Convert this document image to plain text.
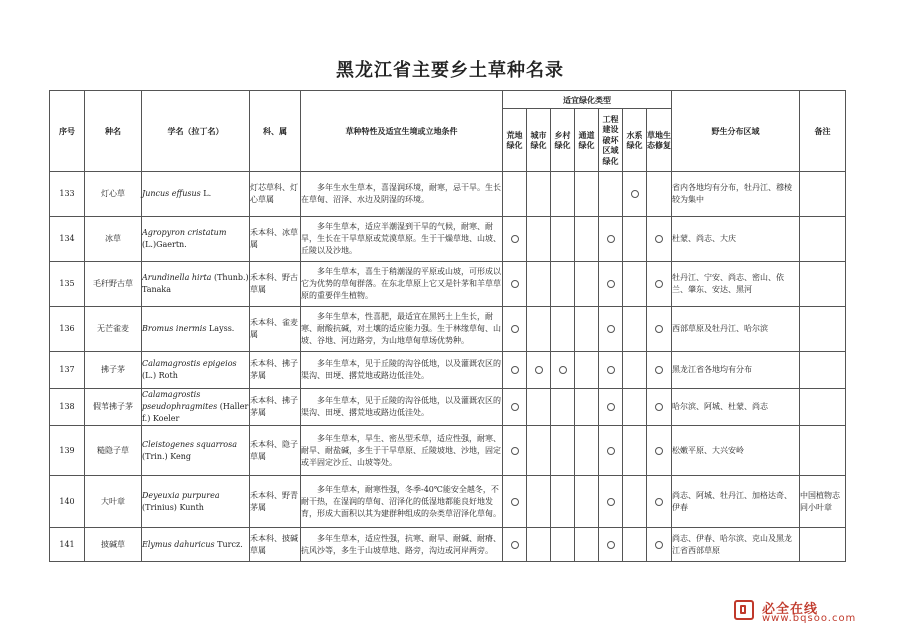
黑龙江省主要乡土草种名录
序号	种名	学名（拉丁名）	科、属	草种特性及适宜生境或立地条件	适宜绿化类型							野生分布区域	备注
					荒地绿化	城市绿化	乡村绿化	通道绿化	工程建设破坏区域绿化	水系绿化	草地生态修复		
133	灯心草	Juncus effusus L.	灯芯草科、灯心草属	多年生水生草本，喜湿润环境，耐寒，忌干旱。生长在草甸、沼泽、水边及阴湿的环境。								省内各地均有分布，牡丹江、穆棱较为集中	
134	冰草	Agropyron cristatum (L.)Gaertn.	禾本科、冰草属	多年生草本，适应半潮湿到干旱的气候，耐寒、耐旱，生长在干旱草原或荒漠草原。生于干燥草地、山坡、丘陵以及沙地。								杜蒙、尚志、大庆	
135	毛秆野古草	Arundinella hirta (Thunb.) Tanaka	禾本科、野古草属	多年生草本，喜生于稍潮湿的平原或山坡，可形成以它为优势的草甸群落。在东北草原上它又是针茅和羊草草原的重要伴生植物。								牡丹江、宁安、尚志、密山、依兰、肇东、安达、黑河	
136	无芒雀麦	Bromus inermis Layss.	禾本科、雀麦属	多年生草本，性喜肥，最适宜在黑钙土上生长，耐寒、耐酸抗碱，对土壤的适应能力强。生于林缘草甸、山坡、谷地、河边路旁，为山地草甸草场优势种。								西部草原及牡丹江、哈尔滨	
137	拂子茅	Calamagrostis epigeios (L.) Roth	禾本科、拂子茅属	多年生草本，见于丘陵的沟谷低地，以及灌溉农区的渠沟、田埂、撂荒地或路边低洼处。								黑龙江省各地均有分布	
138	假苇拂子茅	Calamagrostis pseudophragmites (Haller f.) Koeler	禾本科、拂子茅属	多年生草本，见于丘陵的沟谷低地，以及灌溉农区的渠沟、田埂、撂荒地或路边低洼处。								哈尔滨、阿城、杜蒙、尚志	
139	糙隐子草	Cleistogenes squarrosa (Trin.) Keng	禾本科、隐子草属	多年生草本，旱生、密丛型禾草，适应性强，耐寒、耐旱、耐盐碱，多生于干旱草原、丘陵坡地、沙地，固定或半固定沙丘、山坡等处。								松嫩平原、大兴安岭	
140	大叶章	Deyeuxia purpurea (Trinius) Kunth	禾本科、野青茅属	多年生草本，耐寒性强，冬季-40℃能安全越冬，不耐干热，在湿润的草甸、沼泽化的低湿地都能良好地发育，形成大面积以其为建群种组成的杂类草沼泽化草甸。								尚志、阿城、牡丹江、加格达奇、伊春	中国植物志同小叶章
141	披碱草	Elymus dahuricus Turcz.	禾本科、披碱草属	多年生草本，适应性强，抗寒、耐旱、耐碱、耐瘠、抗风沙等，多生于山坡草地、路旁，沟边或河岸两旁。								尚志、伊春、哈尔滨、克山及黑龙江省西部草原	
必全在线
www.bqsoo.com
